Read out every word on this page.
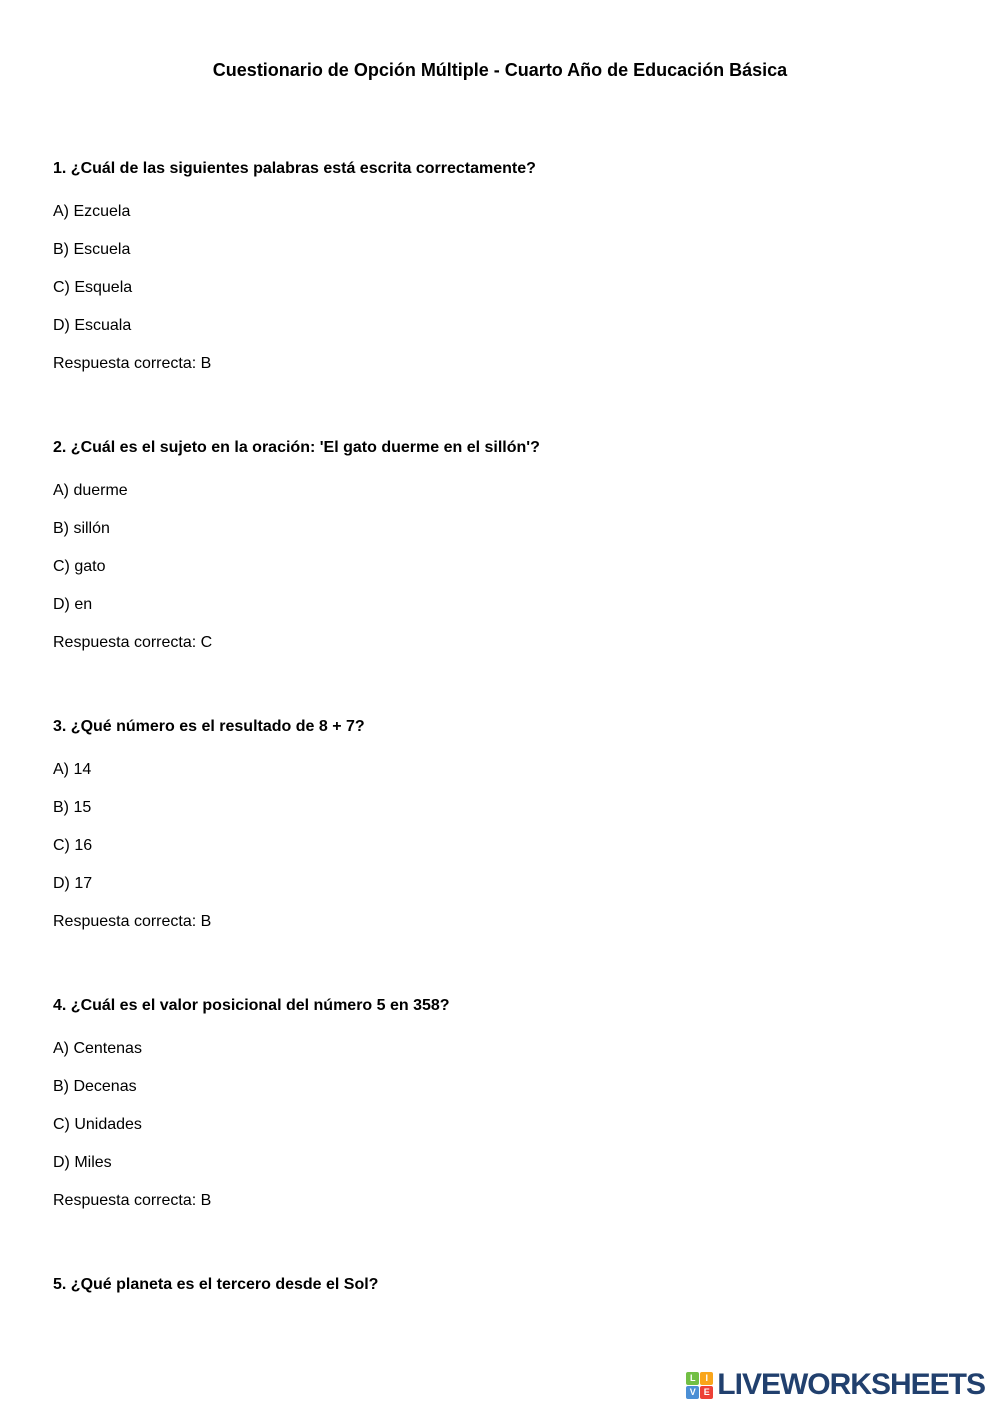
Cuestionario de Opción Múltiple - Cuarto Año de Educación Básica

1. ¿Cuál de las siguientes palabras está escrita correctamente?

A) Ezcuela

B) Escuela

C) Esquela

D) Escuala

Respuesta correcta: B

2. ¿Cuál es el sujeto en la oración: 'El gato duerme en el sillón'?

A) duerme

B) sillón

C) gato

D) en

Respuesta correcta: C

3. ¿Qué número es el resultado de 8 + 7?

A) 14

B) 15

C) 16

D) 17

Respuesta correcta: B

4. ¿Cuál es el valor posicional del número 5 en 358?

A) Centenas

B) Decenas

C) Unidades

D) Miles

Respuesta correcta: B

5. ¿Qué planeta es el tercero desde el Sol?

L	I
V E LIVEWORKSHEETS
